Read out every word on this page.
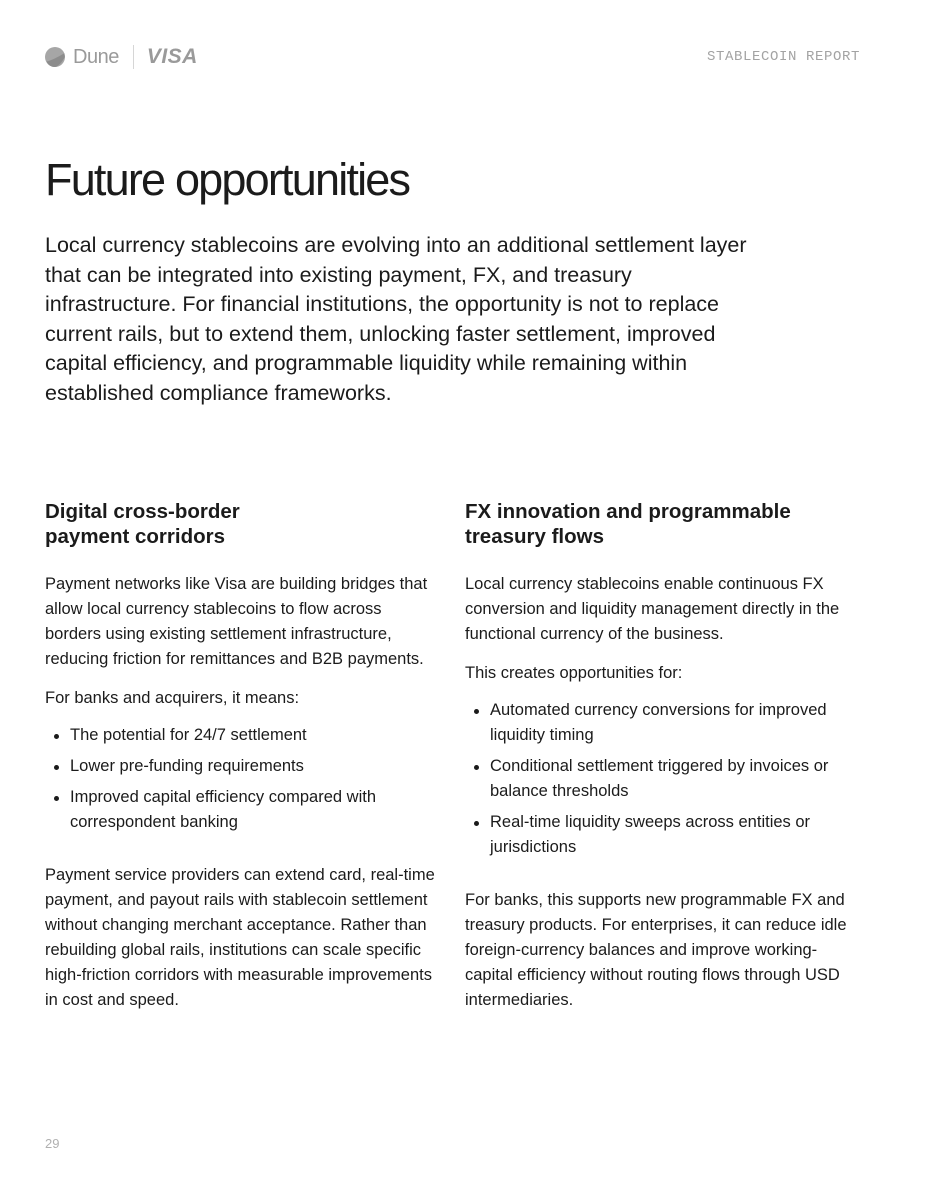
Dune VISA	STABLECOIN REPORT
Future opportunities

Local currency stablecoins are evolving into an additional settlement layer that can be integrated into existing payment, FX, and treasury infrastructure. For financial institutions, the opportunity is not to replace current rails, but to extend them, unlocking faster settlement, improved capital efficiency, and programmable liquidity while remaining within established compliance frameworks.

Digital cross-border
payment corridors

Payment networks like Visa are building bridges that allow local currency stablecoins to flow across borders using existing settlement infrastructure, reducing friction for remittances and B2B payments.

For banks and acquirers, it means:

The potential for 24/7 settlement
Lower pre-funding requirements
Improved capital efficiency compared with correspondent banking

Payment service providers can extend card, real-time payment, and payout rails with stablecoin settlement without changing merchant acceptance. Rather than rebuilding global rails, institutions can scale specific high-friction corridors with measurable improvements in cost and speed.

FX innovation and programmable
treasury flows

Local currency stablecoins enable continuous FX conversion and liquidity management directly in the functional currency of the business.

This creates opportunities for:

Automated currency conversions for improved liquidity timing
Conditional settlement triggered by invoices or balance thresholds
Real-time liquidity sweeps across entities or jurisdictions

For banks, this supports new programmable FX and treasury products. For enterprises, it can reduce idle foreign-currency balances and improve working-capital efficiency without routing flows through USD intermediaries.

29
